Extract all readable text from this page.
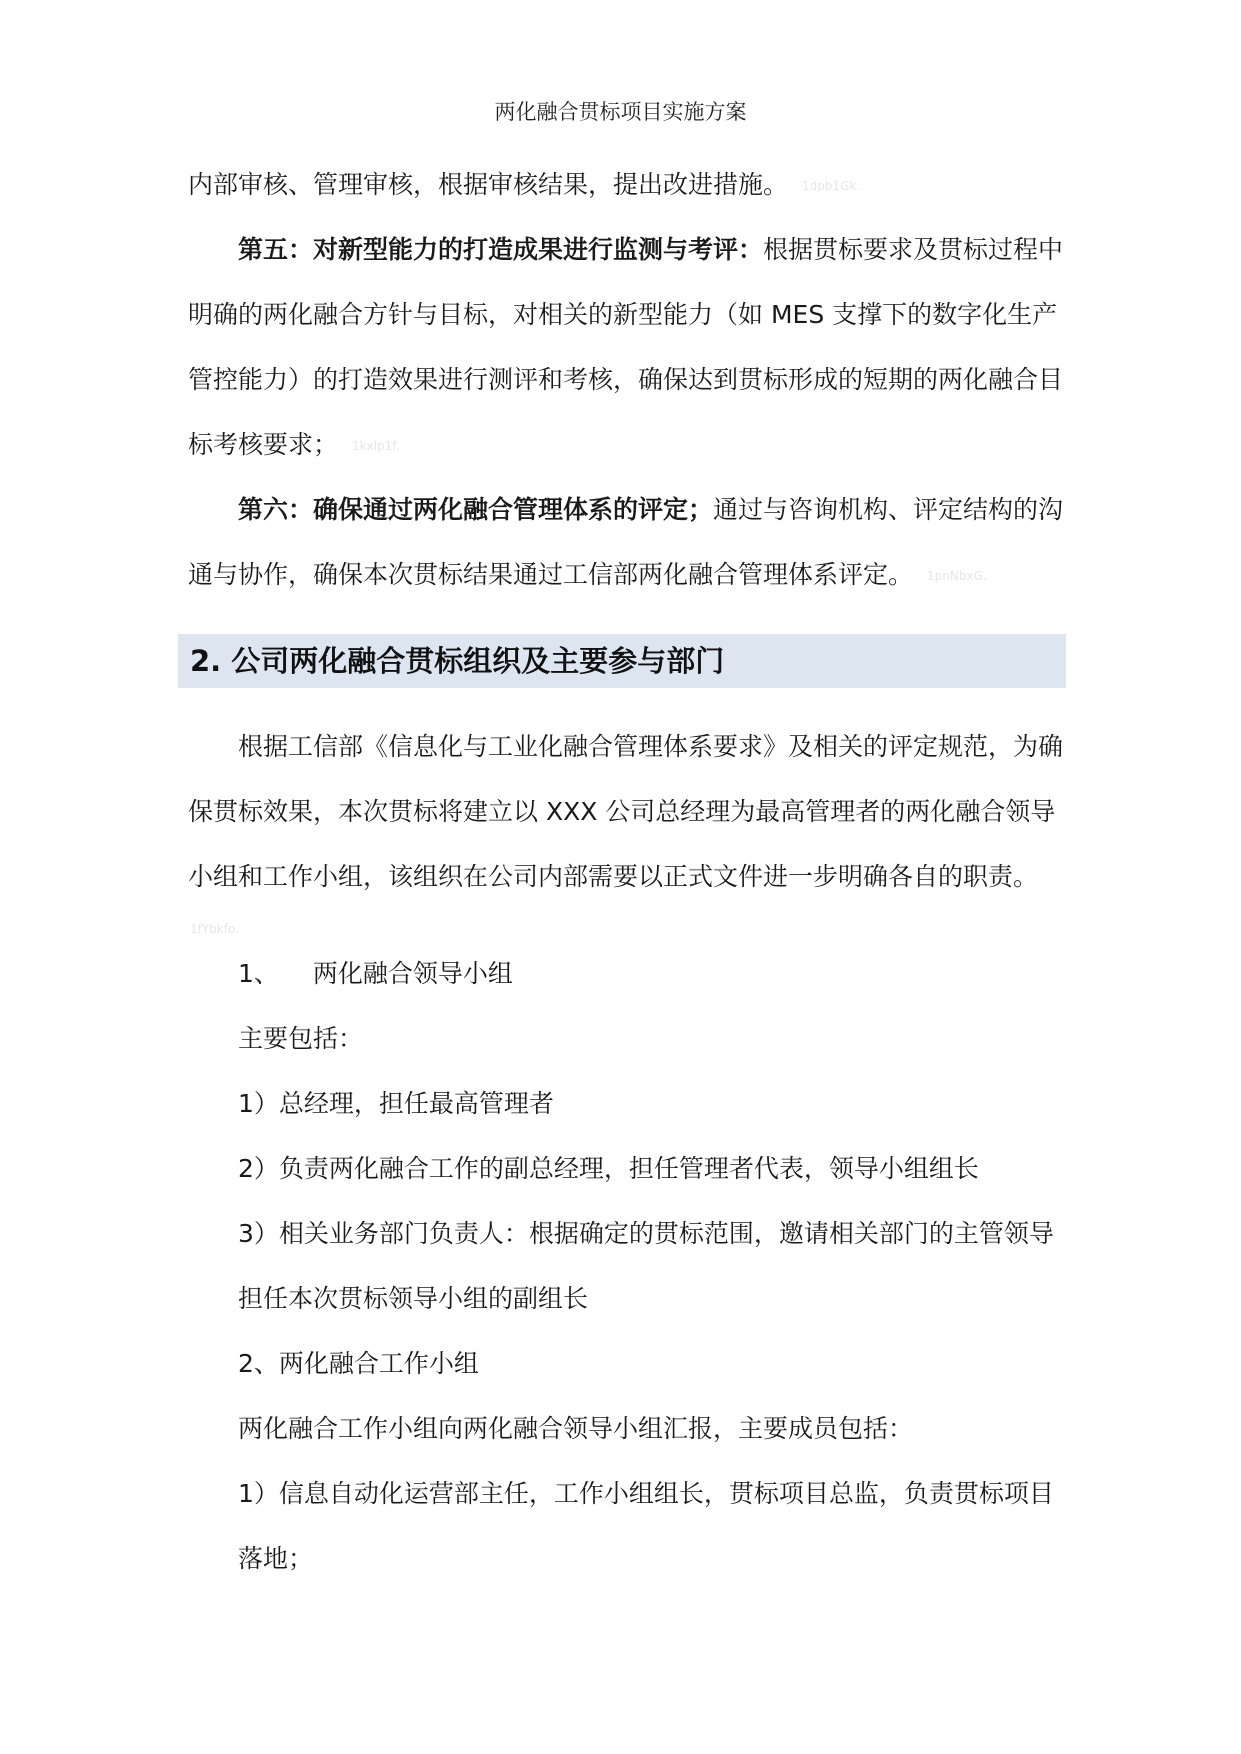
两化融合贯标项目实施方案
内部审核、管理审核，根据审核结果，提出改进措施。 1dpb1Gk.
第五：对新型能力的打造成果进行监测与考评：根据贯标要求及贯标过程中
明确的两化融合方针与目标，对相关的新型能力（如 MES 支撑下的数字化生产
管控能力）的打造效果进行测评和考核，确保达到贯标形成的短期的两化融合目
标考核要求； 1kxlp1f.
第六：确保通过两化融合管理体系的评定；通过与咨询机构、评定结构的沟
通与协作，确保本次贯标结果通过工信部两化融合管理体系评定。 1pnNbxG.
2. 公司两化融合贯标组织及主要参与部门
根据工信部《信息化与工业化融合管理体系要求》及相关的评定规范，为确
保贯标效果，本次贯标将建立以 XXX 公司总经理为最高管理者的两化融合领导
小组和工作小组，该组织在公司内部需要以正式文件进一步明确各自的职责。
1fYbkfo.
1、 两化融合领导小组
主要包括：
1）总经理，担任最高管理者
2）负责两化融合工作的副总经理，担任管理者代表，领导小组组长
3）相关业务部门负责人：根据确定的贯标范围，邀请相关部门的主管领导
担任本次贯标领导小组的副组长
2、两化融合工作小组
两化融合工作小组向两化融合领导小组汇报，主要成员包括：
1）信息自动化运营部主任，工作小组组长，贯标项目总监，负责贯标项目
落地；
